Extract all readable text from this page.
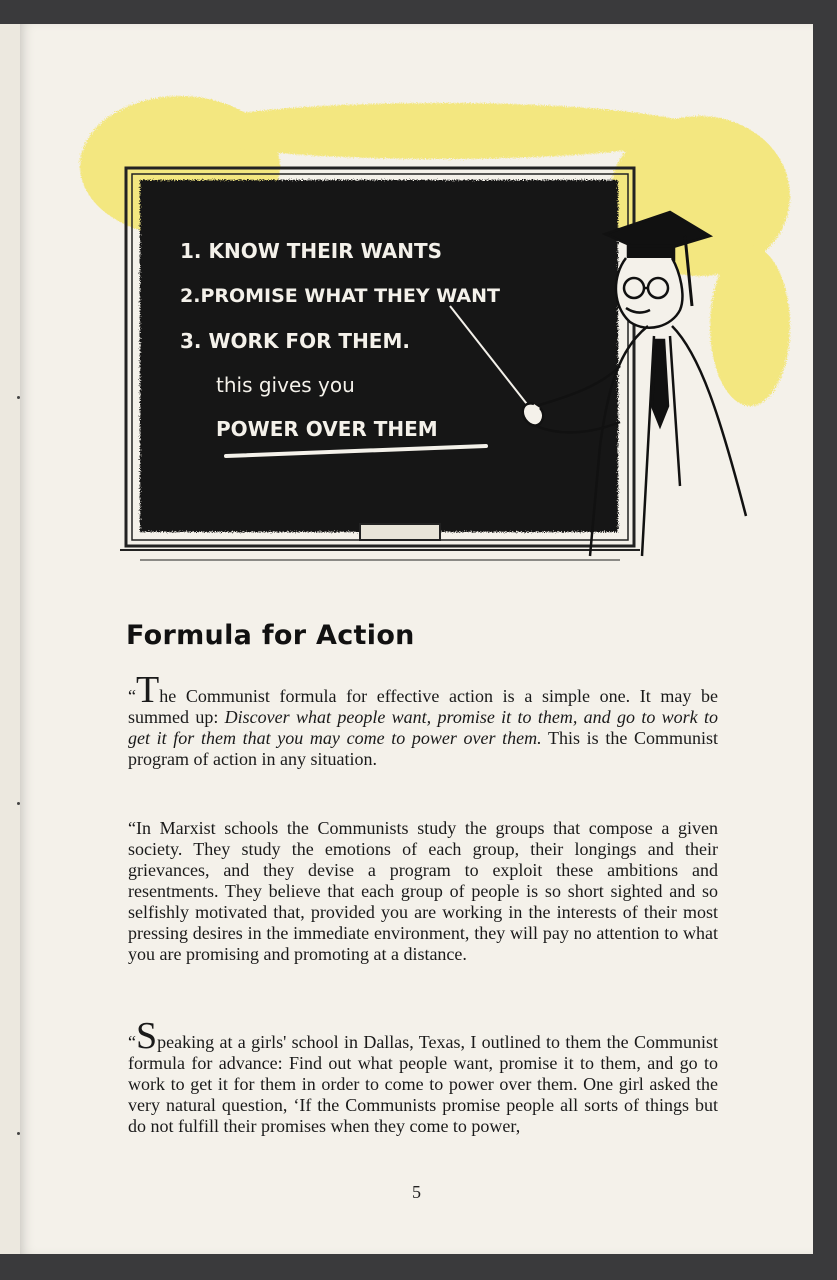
1. KNOW THEIR WANTS
2.PROMISE WHAT THEY WANT
3. WORK FOR THEM.
this gives you
POWER OVER THEM
Formula for Action

“The Communist formula for effective action is a simple one. It may be summed up: Discover what people want, promise it to them, and go to work to get it for them that you may come to power over them. This is the Communist program of action in any situation.

“In Marxist schools the Communists study the groups that compose a given society. They study the emotions of each group, their longings and their grievances, and they devise a program to exploit these ambitions and resentments. They believe that each group of people is so short sighted and so selfishly motivated that, provided you are working in the interests of their most pressing desires in the immediate environment, they will pay no attention to what you are promising and promoting at a distance.

“Speaking at a girls' school in Dallas, Texas, I outlined to them the Communist formula for advance: Find out what people want, promise it to them, and go to work to get it for them in order to come to power over them. One girl asked the very natural question, ‘If the Communists promise people all sorts of things but do not fulfill their promises when they come to power,

5
